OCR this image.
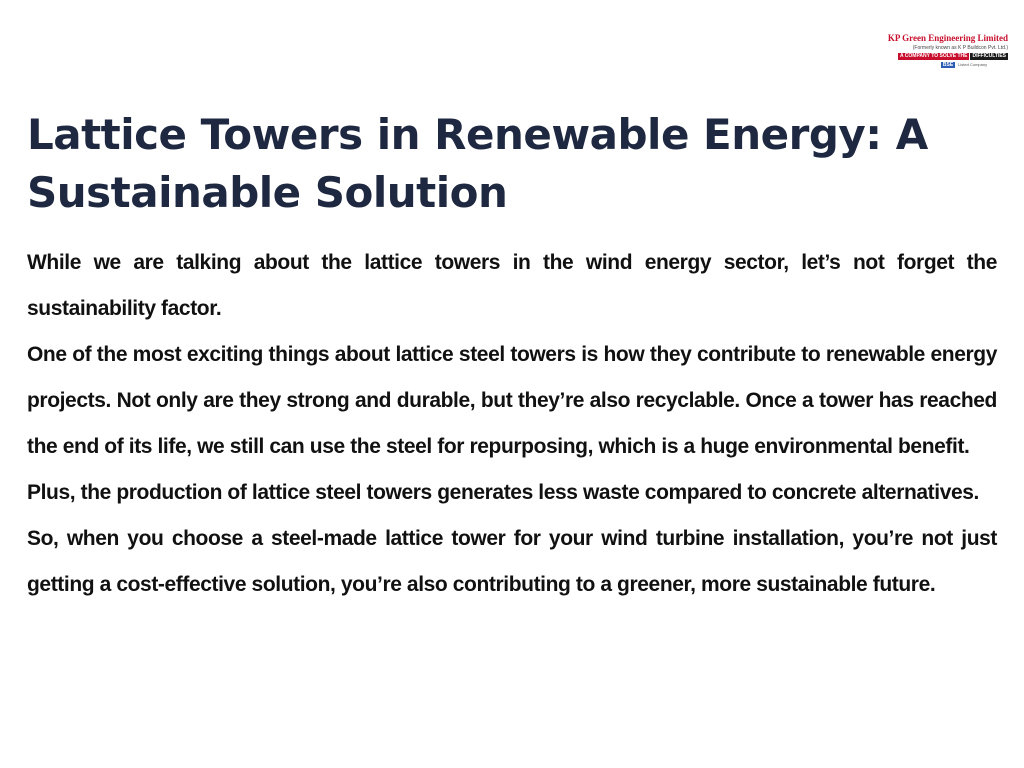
KP Green Engineering Limited
(Formerly known as K P Buildcon Pvt. Ltd.)
A COMPANY TO SOLVE THE	DIFFICULTIES
BSE	Listed Company
Lattice Towers in Renewable Energy: A Sustainable Solution

While we are talking about the lattice towers in the wind energy sector, let’s not forget the sustainability factor.

One of the most exciting things about lattice steel towers is how they contribute to renewable energy projects. Not only are they strong and durable, but they’re also recyclable. Once a tower has reached the end of its life, we still can use the steel for repurposing, which is a huge environmental benefit.

Plus, the production of lattice steel towers generates less waste compared to concrete alternatives.

So, when you choose a steel-made lattice tower for your wind turbine installation, you’re not just getting a cost-effective solution, you’re also contributing to a greener, more sustainable future.
